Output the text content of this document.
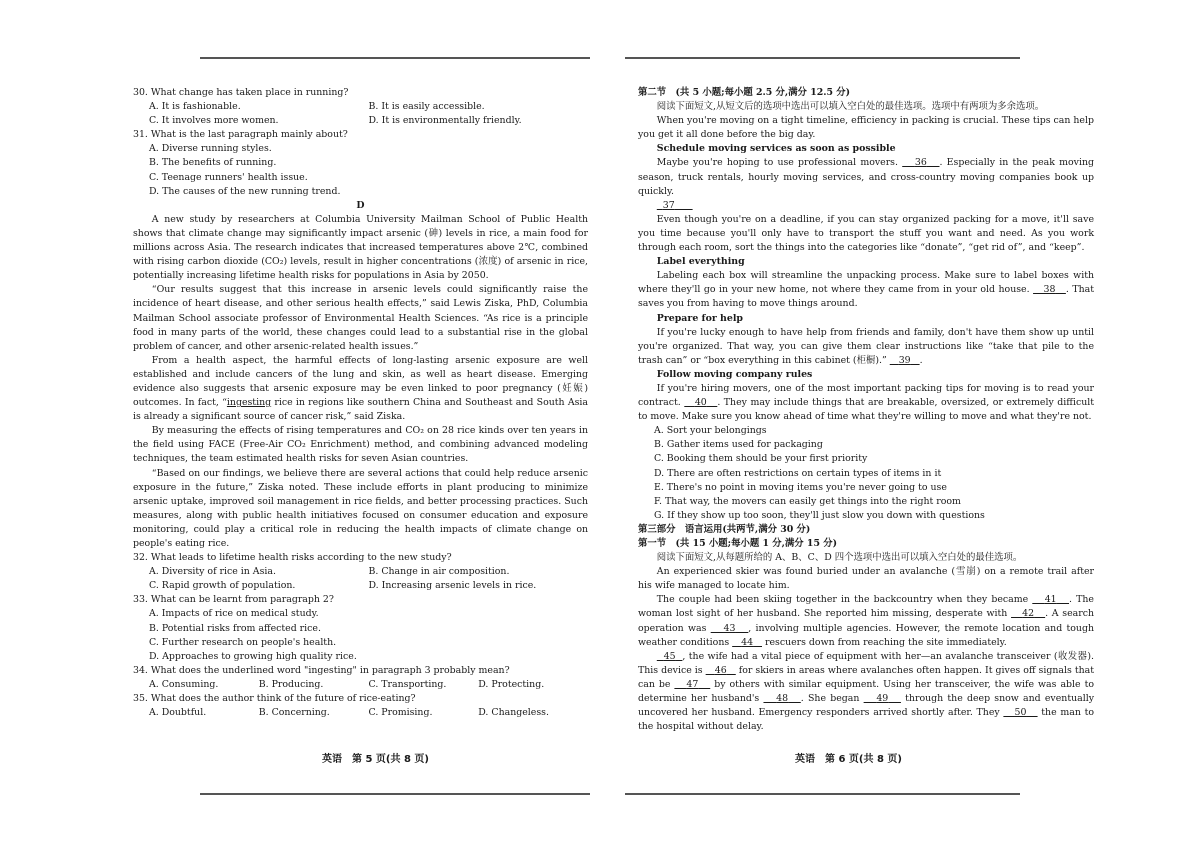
30. What change has taken place in running?

A. It is fashionable.	B. It is easily accessible.
C. It involves more women.	D. It is environmentally friendly.

31. What is the last paragraph mainly about?

A. Diverse running styles.
B. The benefits of running.
C. Teenage runners' health issue.
D. The causes of the new running trend.

D

A new study by researchers at Columbia University Mailman School of Public Health shows that climate change may significantly impact arsenic (砷) levels in rice, a main food for millions across Asia. The research indicates that increased temperatures above 2℃, combined with rising carbon dioxide (CO₂) levels, result in higher concentrations (浓度) of arsenic in rice, potentially increasing lifetime health risks for populations in Asia by 2050.

“Our results suggest that this increase in arsenic levels could significantly raise the incidence of heart disease, and other serious health effects,” said Lewis Ziska, PhD, Columbia Mailman School associate professor of Environmental Health Sciences. “As rice is a principle food in many parts of the world, these changes could lead to a substantial rise in the global problem of cancer, and other arsenic-related health issues.”

From a health aspect, the harmful effects of long-lasting arsenic exposure are well established and include cancers of the lung and skin, as well as heart disease. Emerging evidence also suggests that arsenic exposure may be even linked to poor pregnancy (妊娠) outcomes. In fact, “ingesting rice in regions like southern China and Southeast and South Asia is already a significant source of cancer risk,” said Ziska.

By measuring the effects of rising temperatures and CO₂ on 28 rice kinds over ten years in the field using FACE (Free-Air CO₂ Enrichment) method, and combining advanced modeling techniques, the team estimated health risks for seven Asian countries.

“Based on our findings, we believe there are several actions that could help reduce arsenic exposure in the future,” Ziska noted. These include efforts in plant producing to minimize arsenic uptake, improved soil management in rice fields, and better processing practices. Such measures, along with public health initiatives focused on consumer education and exposure monitoring, could play a critical role in reducing the health impacts of climate change on people's eating rice.

32. What leads to lifetime health risks according to the new study?

A. Diversity of rice in Asia.	B. Change in air composition.
C. Rapid growth of population.	D. Increasing arsenic levels in rice.

33. What can be learnt from paragraph 2?

A. Impacts of rice on medical study.
B. Potential risks from affected rice.
C. Further research on people's health.
D. Approaches to growing high quality rice.

34. What does the underlined word "ingesting" in paragraph 3 probably mean?

A. Consuming.	B. Producing.	C. Transporting.	D. Protecting.

35. What does the author think of the future of rice-eating?

A. Doubtful.	B. Concerning.	C. Promising.	D. Changeless.
英语　第 5 页(共 8 页)

第二节　(共 5 小题;每小题 2.5 分,满分 12.5 分)

阅读下面短文,从短文后的选项中选出可以填入空白处的最佳选项。选项中有两项为多余选项。

When you're moving on a tight timeline, efficiency in packing is crucial. These tips can help you get it all done before the big day.

Schedule moving services as soon as possible

Maybe you're hoping to use professional movers.    36 . Especially in the peak moving season, truck rentals, hourly moving services, and cross-country moving companies book up quickly.

37

Even though you're on a deadline, if you can stay organized packing for a move, it'll save you time because you'll only have to transport the stuff you want and need. As you work through each room, sort the things into the categories like “donate”, “get rid of”, and “keep”.

Label everything

Labeling each box will streamline the unpacking process. Make sure to label boxes with where they'll go in your new home, not where they came from in your old house.    38 . That saves you from having to move things around.

Prepare for help

If you're lucky enough to have help from friends and family, don't have them show up until you're organized. That way, you can give them clear instructions like “take that pile to the trash can” or “box everything in this cabinet (柜橱).”    39 .

Follow moving company rules

If you're hiring movers, one of the most important packing tips for moving is to read your contract.    40 . They may include things that are breakable, oversized, or extremely difficult to move. Make sure you know ahead of time what they're willing to move and what they're not.

A. Sort your belongings
B. Gather items used for packaging
C. Booking them should be your first priority
D. There are often restrictions on certain types of items in it
E. There's no point in moving items you're never going to use
F. That way, the movers can easily get things into the right room
G. If they show up too soon, they'll just slow you down with questions

第三部分　语言运用(共两节,满分 30 分)

第一节　(共 15 小题;每小题 1 分,满分 15 分)

阅读下面短文,从每题所给的 A、B、C、D 四个选项中选出可以填入空白处的最佳选项。

An experienced skier was found buried under an avalanche (雪崩) on a remote trail after his wife managed to locate him.

The couple had been skiing together in the backcountry when they became    41 . The woman lost sight of her husband. She reported him missing, desperate with    42 . A search operation was    43 , involving multiple agencies. However, the remote location and tough weather conditions    44    rescuers down from reaching the site immediately.

45 , the wife had a vital piece of equipment with her—an avalanche transceiver (收发器). This device is    46    for skiers in areas where avalanches often happen. It gives off signals that can be    47    by others with similar equipment. Using her transceiver, the wife was able to determine her husband's    48 . She began    49    through the deep snow and eventually uncovered her husband. Emergency responders arrived shortly after. They    50    the man to the hospital without delay.

英语　第 6 页(共 8 页)
